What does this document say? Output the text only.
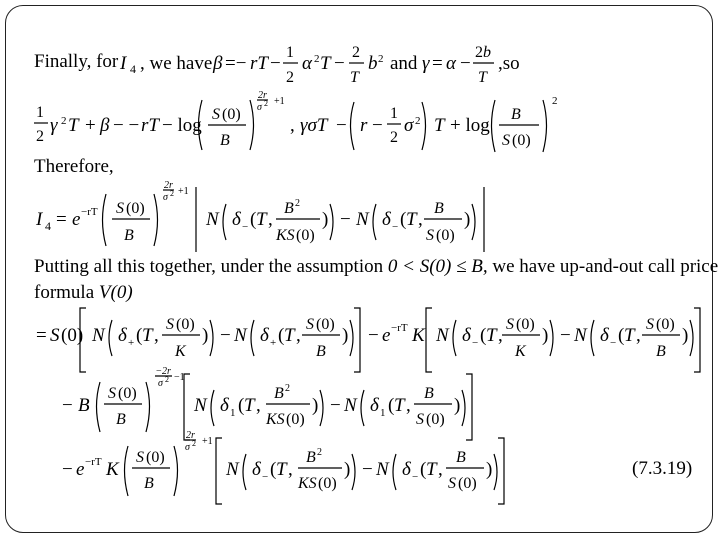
Finally, for
Therefore,
Putting all this together, under the assumption 0 < S(0) ≤ B, we have up-and-out call price
formula V(0)
(7.3.19)
I 4 , we have β =− rT −
1
2
α 2 T −
2
T
b 2 and γ = α −
2 b
T
,so
1
2
γ 2 T + β − − rT − log
S (0)
B
2r
σ 2 +1
, γσT − r −
1
2
σ 2 T + log
B
S (0)
2
I 4 = e −rT S (0)
B
2r
σ 2 +1
N δ − ( T ,
B 2
KS (0)
) − N δ − ( T ,
B
S (0)
)
= S (0) N δ + ( T ,
S (0)
K
) − N δ + ( T ,
S (0)
B
) − e −rT K N δ − ( T ,
S (0)
K
) − N δ − ( T ,
S (0)
B
)
− B
S (0)
B
− 2r
σ 2 −1
N δ 1 ( T ,
B 2
KS (0)
) − N δ 1 ( T ,
B
S (0)
)
− e −rT K
S (0)
B
2r
σ 2 +1
N δ − ( T ,
B 2
KS (0)
) − N δ − ( T ,
B
S (0)
)
